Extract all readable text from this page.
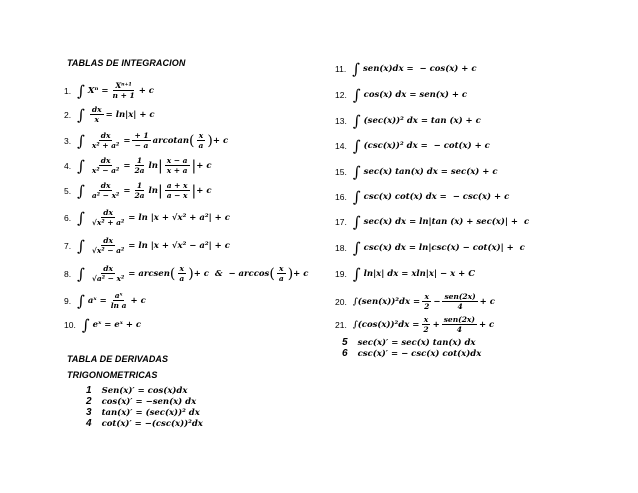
TABLAS DE INTEGRACION
1. ∫ $X^n = \frac{\text{Xⁿ⁺¹}}{n + 1} + c$
2. ∫ $\frac{dx}{x} = \ln|x| + c$
3. ∫ $\frac{dx}{\text{x² + a²}} = \frac{+ 1}{- a}$ arcotan ( $\frac{x}{a}$ ) + c
4. ∫ $\frac{dx}{\text{x² − a²}} = \frac{1}{2a}$ ln | $\frac{x - a}{x + a}$ | + c
5. ∫ $\frac{dx}{\text{a² − x²}} = \frac{1}{2a}$ ln | $\frac{a + x}{a - x}$ | + c
6. ∫ $\frac{dx}{\text{√x² + a²}} = \ln |x + √x^2 + a^2| + c$
7. ∫ $\frac{dx}{\text{√x² − a²}} = \ln |x + √x^2 - a^2| + c$
8. ∫ $\frac{dx}{\text{√a² − x²}}$ = arcsen ( $\frac{x}{a}$ ) + c  &  − arccos ( $\frac{x}{a}$ ) + c
9. ∫ aˣ = $\frac{\text{aˣ}}{\text{ln a}} + c$
10. ∫ eˣ = eˣ + c
TABLA DE DERIVADAS
TRIGONOMETRICAS
1 Sen(x)′ = cos(x)dx
2 cos(x)′ = −sen(x) dx
3 tan(x)′ = (sec(x))² dx
4 cot(x)′ = −(csc(x))²dx
11. ∫ sen(x)dx =  − cos(x) + c
12. ∫ cos(x) dx = sen(x) + c
13. ∫ (sec(x))² dx = tan (x) + c
14. ∫ (csc(x))² dx =  − cot(x) + c
15. ∫ sec(x) tan(x) dx = sec(x) + c
16. ∫ csc(x) cot(x) dx =  − csc(x) + c
17. ∫ sec(x) dx = ln|tan (x) + sec(x)| +  c
18. ∫ csc(x) dx = ln|csc(x) − cot(x)| +  c
19. ∫ ln|x| dx = xln|x| − x + C
20. $\int(sen(x))^2dx = \frac{x}{2} - \frac{\text{sen(2x)}}{4} + c$
21. $\int(\cos(x))^2dx = \frac{x}{2} + \frac{\text{sen(2x)}}{4} + c$
5 sec(x)′ = sec(x) tan(x) dx
6 csc(x)′ = − csc(x) cot(x)dx
